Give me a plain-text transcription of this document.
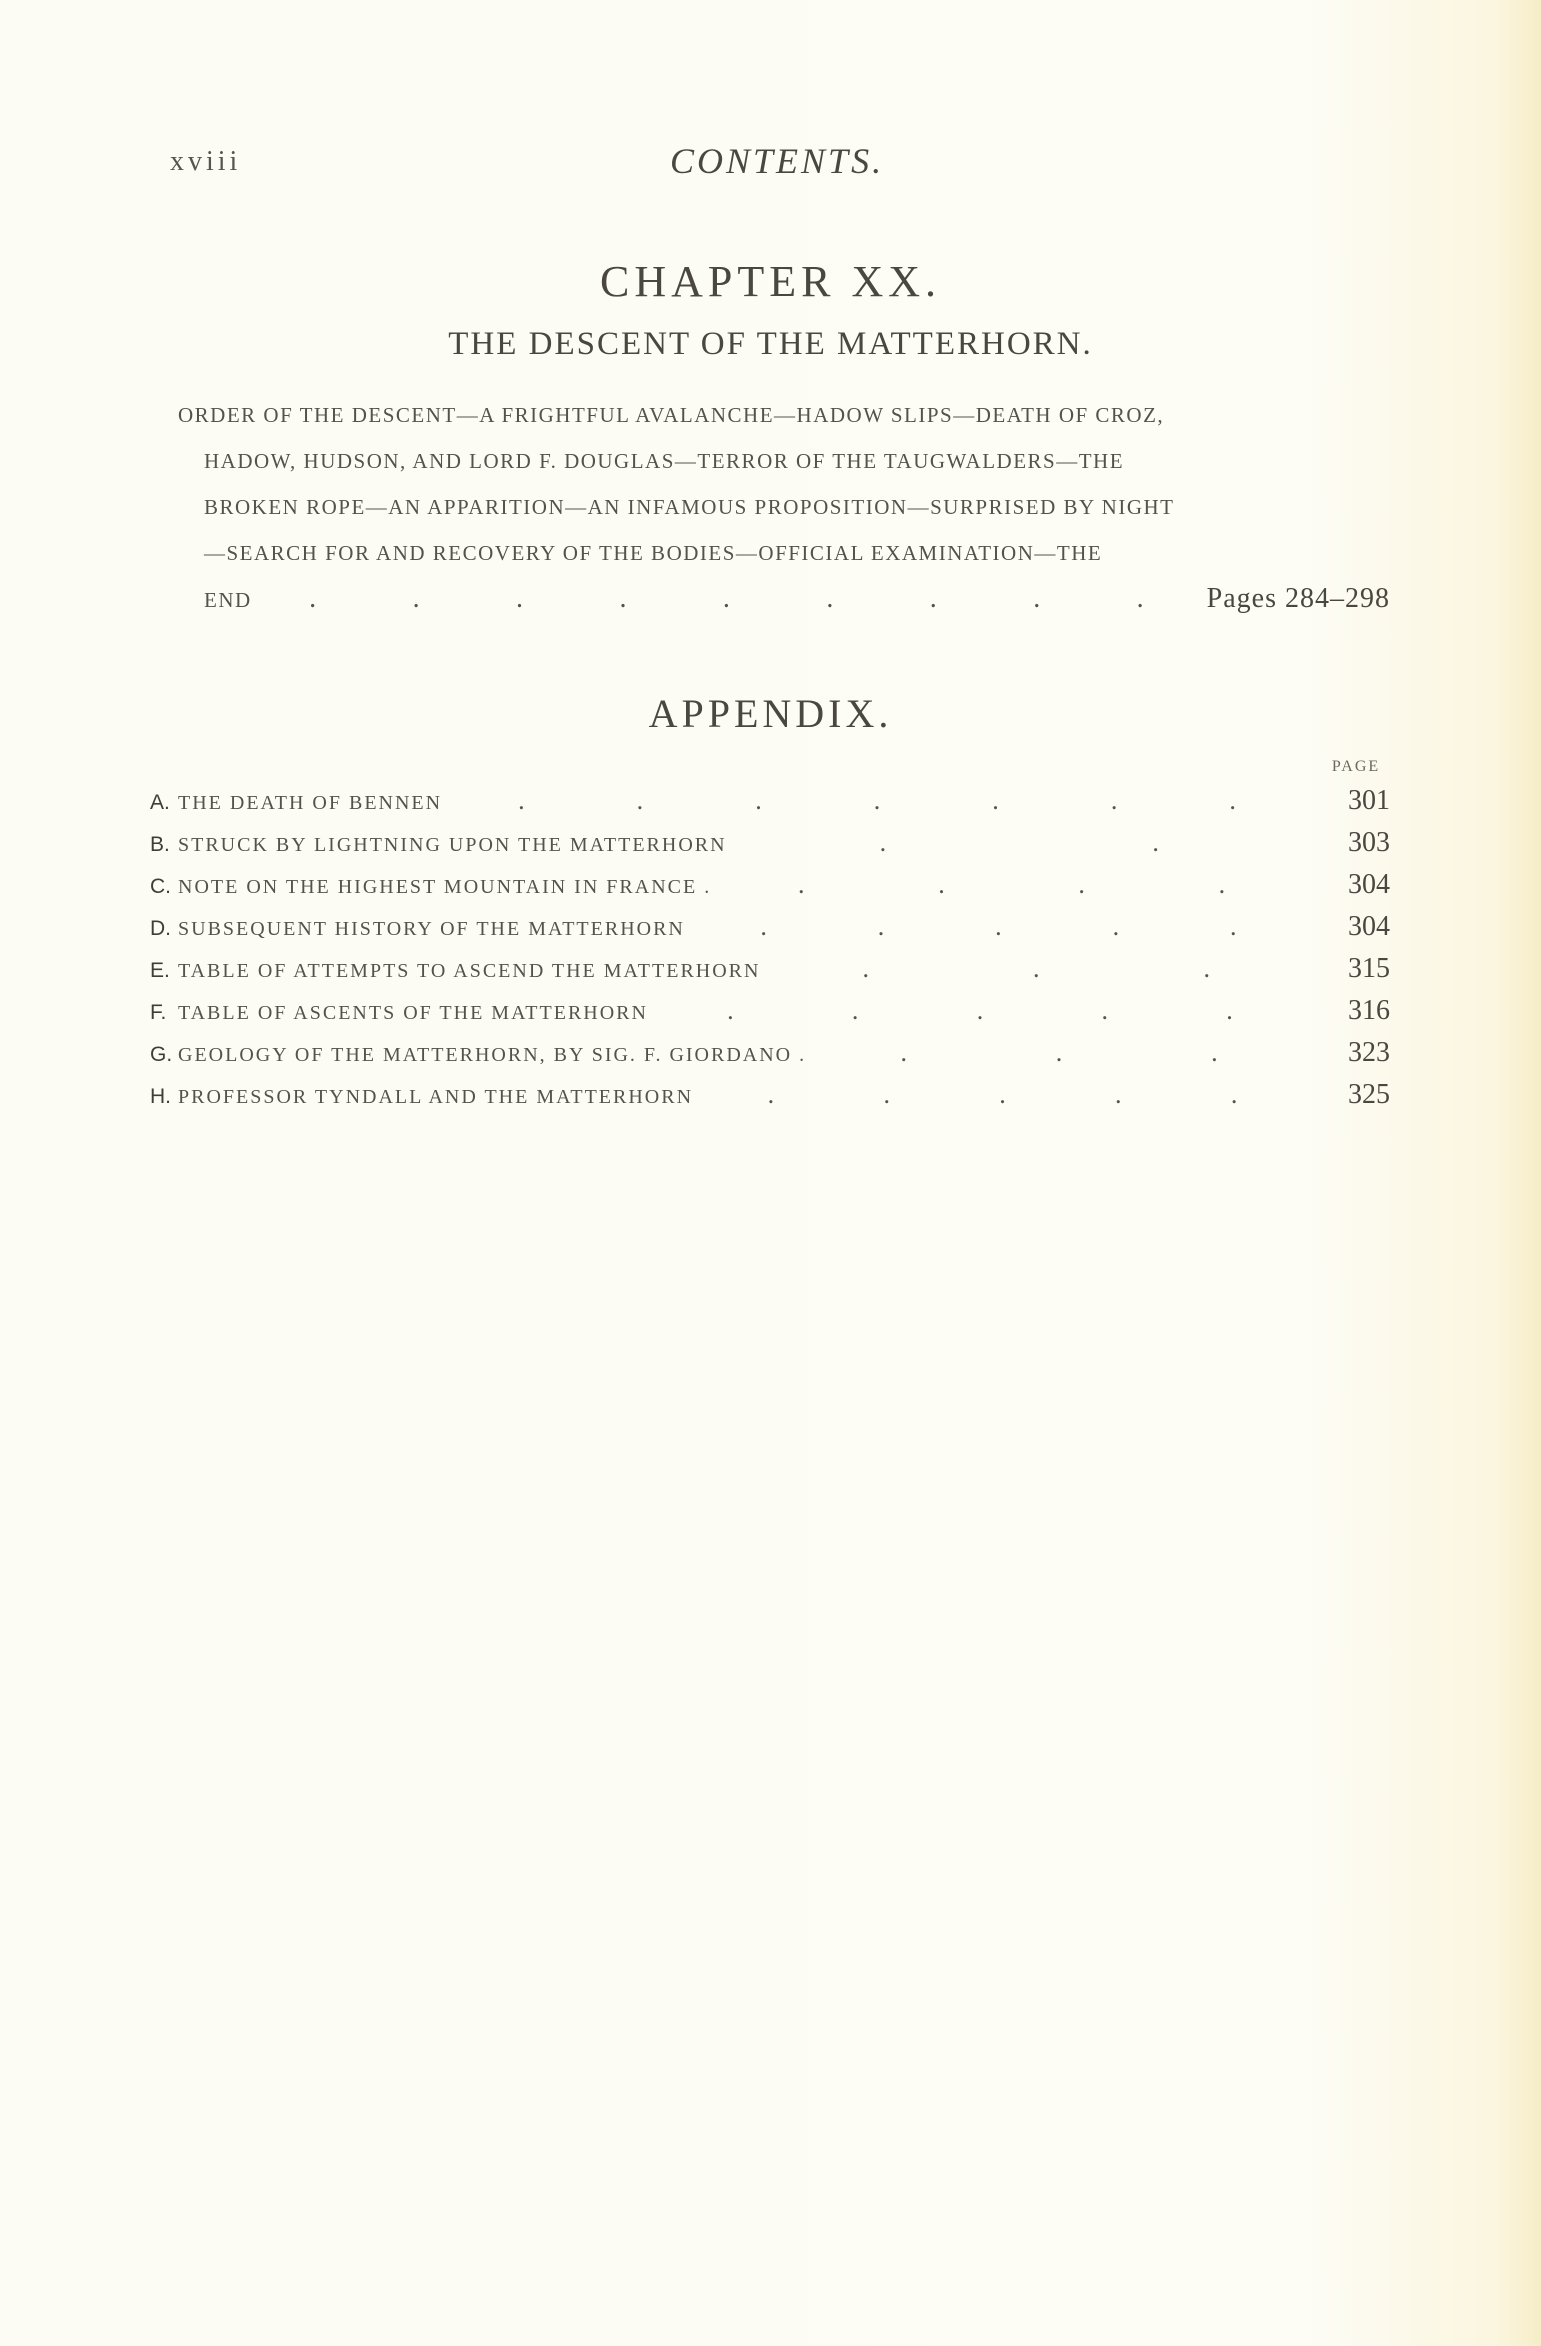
xviii	CONTENTS.
CHAPTER XX.
THE DESCENT OF THE MATTERHORN.
ORDER OF THE DESCENT—A FRIGHTFUL AVALANCHE—HADOW SLIPS—DEATH OF CROZ,
HADOW, HUDSON, AND LORD F. DOUGLAS—TERROR OF THE TAUGWALDERS—THE
BROKEN ROPE—AN APPARITION—AN INFAMOUS PROPOSITION—SURPRISED BY NIGHT
—SEARCH FOR AND RECOVERY OF THE BODIES—OFFICIAL EXAMINATION—THE
END .	.	.	.	.	.	.	.	. Pages 284–298
APPENDIX.
PAGE
A. THE DEATH OF BENNEN	.	.	.	.	.	.	.	301
B. STRUCK BY LIGHTNING UPON THE MATTERHORN	.	.	303
C. NOTE ON THE HIGHEST MOUNTAIN IN FRANCE .	.	.	.	.	304
D. SUBSEQUENT HISTORY OF THE MATTERHORN	.	.	.	.	.	304
E. TABLE OF ATTEMPTS TO ASCEND THE MATTERHORN	.	.	.	315
F. TABLE OF ASCENTS OF THE MATTERHORN	.	.	.	.	.	316
G. GEOLOGY OF THE MATTERHORN, BY SIG. F. GIORDANO .	.	.	.	323
H. PROFESSOR TYNDALL AND THE MATTERHORN	.	.	.	.	.	325
